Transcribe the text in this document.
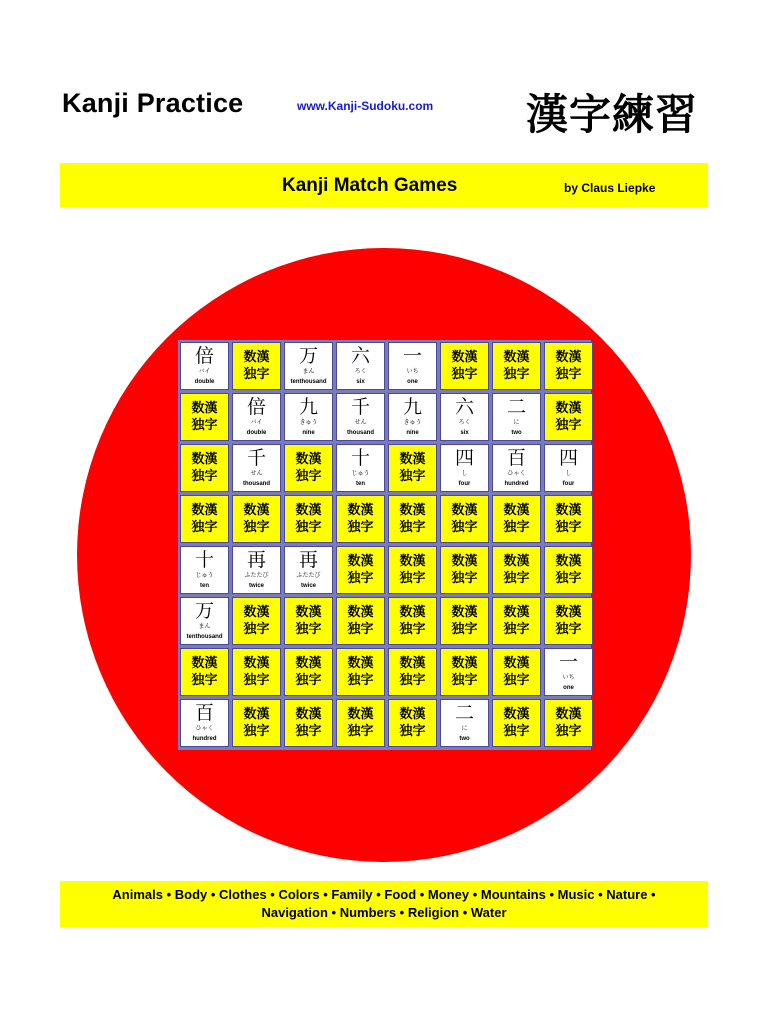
Kanji Practice	www.Kanji-Sudoku.com 漢字練習
Kanji Match Games	by Claus Liepke
倍
バイ
double
数漢
独字
万
まん
tenthousand
六
ろく
six
一
いち
one
数漢
独字
数漢
独字
数漢
独字
数漢
独字
倍
バイ
double
九
きゅう
nine
千
せん
thousand
九
きゅう
nine
六
ろく
six
二
に
two
数漢
独字
数漢
独字
千
せん
thousand
数漢
独字
十
じゅう
ten
数漢
独字
四
し
four
百
ひゃく
hundred
四
し
four
数漢
独字
数漢
独字
数漢
独字
数漢
独字
数漢
独字
数漢
独字
数漢
独字
数漢
独字
十
じゅう
ten
再
ふたたび
twice
再
ふたたび
twice
数漢
独字
数漢
独字
数漢
独字
数漢
独字
数漢
独字
万
まん
tenthousand
数漢
独字
数漢
独字
数漢
独字
数漢
独字
数漢
独字
数漢
独字
数漢
独字
数漢
独字
数漢
独字
数漢
独字
数漢
独字
数漢
独字
数漢
独字
数漢
独字
一
いち
one
百
ひゃく
hundred
数漢
独字
数漢
独字
数漢
独字
数漢
独字
二
に
two
数漢
独字
数漢
独字
Animals • Body • Clothes • Colors • Family • Food • Money • Mountains • Music • Nature •
Navigation • Numbers • Religion • Water
